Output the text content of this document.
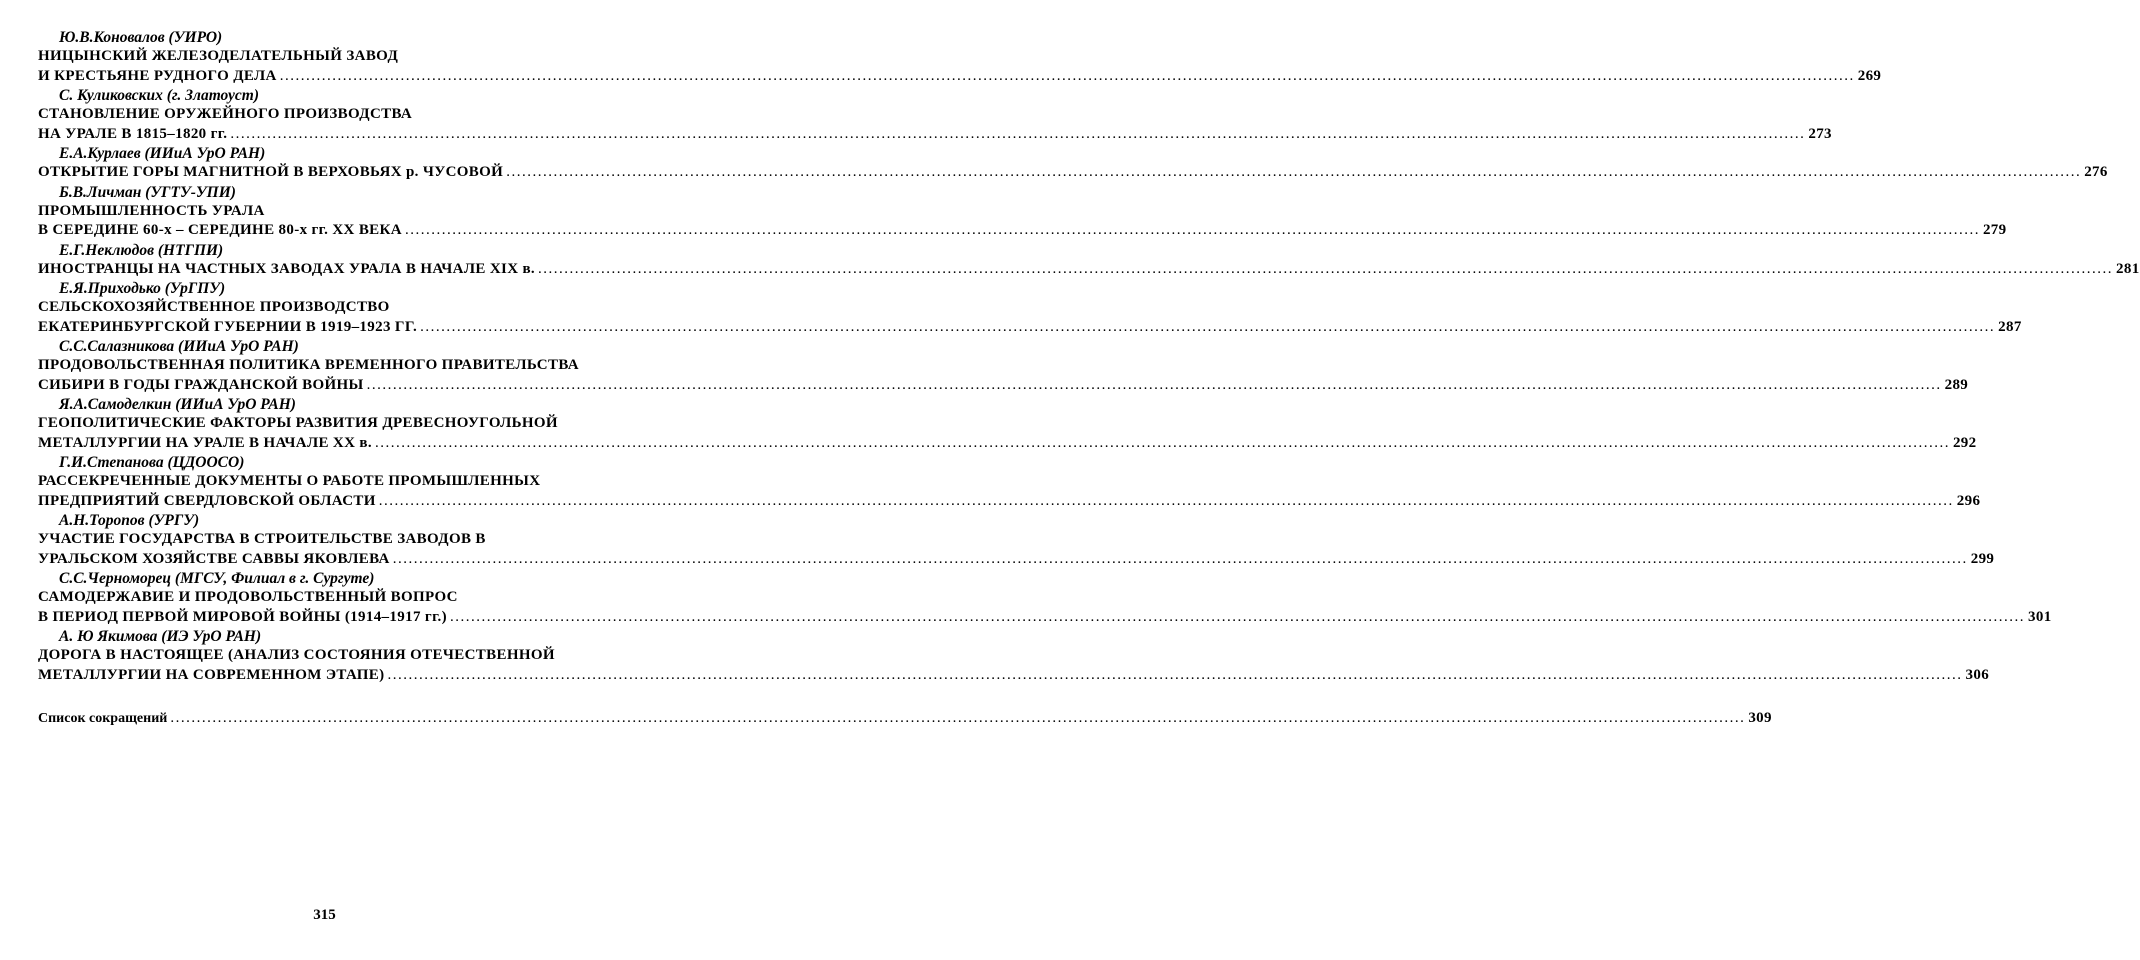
Ю.В.Коновалов (УИРО)
НИЦЫНСКИЙ ЖЕЛЕЗОДЕЛАТЕЛЬНЫЙ ЗАВОД
И КРЕСТЬЯНЕ РУДНОГО ДЕЛА ............................................................................................................................................................................................................................................................................................................ 269
С. Куликовских (г. Златоуст)
СТАНОВЛЕНИЕ ОРУЖЕЙНОГО ПРОИЗВОДСТВА
НА УРАЛЕ В 1815–1820 гг. ............................................................................................................................................................................................................................................................................................................ 273
Е.А.Курлаев (ИИиА УрО РАН)
ОТКРЫТИЕ ГОРЫ МАГНИТНОЙ В ВЕРХОВЬЯХ р. ЧУСОВОЙ ............................................................................................................................................................................................................................................................................................................ 276
Б.В.Личман (УГТУ-УПИ)
ПРОМЫШЛЕННОСТЬ УРАЛА
В СЕРЕДИНЕ 60-х – СЕРЕДИНЕ 80-х гг. XX ВЕКА ............................................................................................................................................................................................................................................................................................................ 279
Е.Г.Неклюдов (НТГПИ)
ИНОСТРАНЦЫ НА ЧАСТНЫХ ЗАВОДАХ УРАЛА В НАЧАЛЕ XIX в. ............................................................................................................................................................................................................................................................................................................ 281
Е.Я.Приходько (УрГПУ)
СЕЛЬСКОХОЗЯЙСТВЕННОЕ ПРОИЗВОДСТВО
ЕКАТЕРИНБУРГСКОЙ ГУБЕРНИИ В 1919–1923 ГГ. ............................................................................................................................................................................................................................................................................................................ 287
С.С.Салазникова (ИИиА УрО РАН)
ПРОДОВОЛЬСТВЕННАЯ ПОЛИТИКА ВРЕМЕННОГО ПРАВИТЕЛЬСТВА
СИБИРИ В ГОДЫ ГРАЖДАНСКОЙ ВОЙНЫ ............................................................................................................................................................................................................................................................................................................ 289
Я.А.Самоделкин (ИИиА УрО РАН)
ГЕОПОЛИТИЧЕСКИЕ ФАКТОРЫ РАЗВИТИЯ ДРЕВЕСНОУГОЛЬНОЙ
МЕТАЛЛУРГИИ НА УРАЛЕ В НАЧАЛЕ XX в. ............................................................................................................................................................................................................................................................................................................ 292
Г.И.Степанова (ЦДООСО)
РАССЕКРЕЧЕННЫЕ ДОКУМЕНТЫ О РАБОТЕ ПРОМЫШЛЕННЫХ
ПРЕДПРИЯТИЙ СВЕРДЛОВСКОЙ ОБЛАСТИ ............................................................................................................................................................................................................................................................................................................ 296
А.Н.Торопов (УРГУ)
УЧАСТИЕ ГОСУДАРСТВА В СТРОИТЕЛЬСТВЕ ЗАВОДОВ В
УРАЛЬСКОМ ХОЗЯЙСТВЕ САВВЫ ЯКОВЛЕВА ............................................................................................................................................................................................................................................................................................................ 299
С.С.Черноморец (МГСУ, Филиал в г. Сургуте)
САМОДЕРЖАВИЕ И ПРОДОВОЛЬСТВЕННЫЙ ВОПРОС
В ПЕРИОД ПЕРВОЙ МИРОВОЙ ВОЙНЫ (1914–1917 гг.) ............................................................................................................................................................................................................................................................................................................ 301
А. Ю Якимова (ИЭ УрО РАН)
ДОРОГА В НАСТОЯЩЕЕ (АНАЛИЗ СОСТОЯНИЯ ОТЕЧЕСТВЕННОЙ
МЕТАЛЛУРГИИ НА СОВРЕМЕННОМ ЭТАПЕ) ............................................................................................................................................................................................................................................................................................................ 306
Список сокращений ............................................................................................................................................................................................................................................................................................................ 309
315
